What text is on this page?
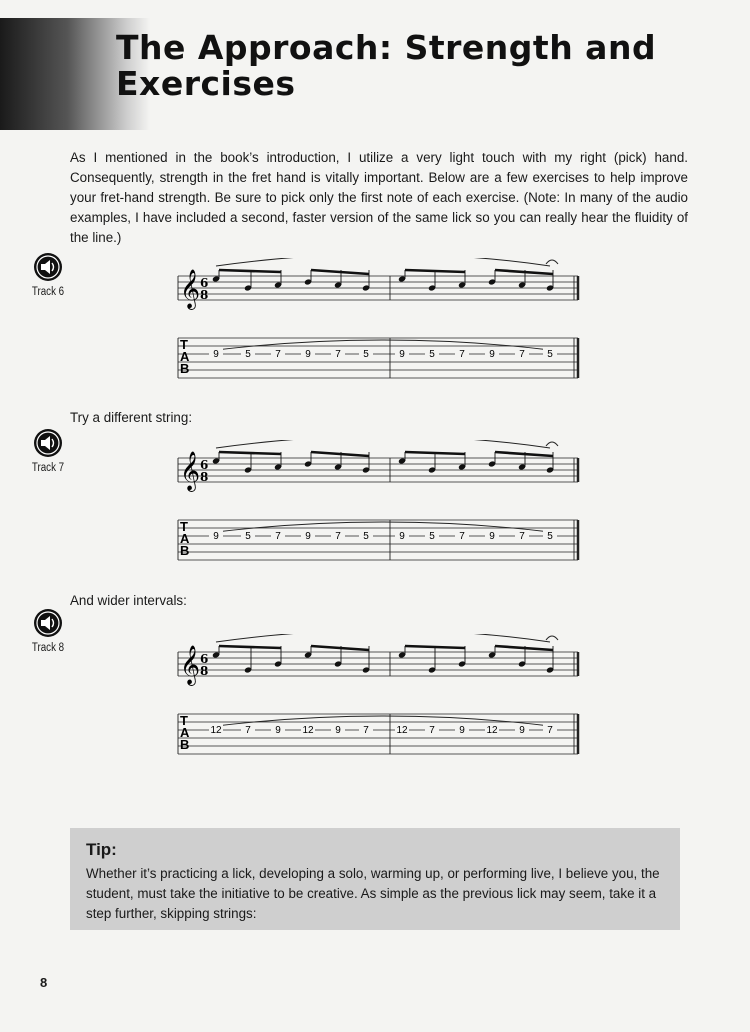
The Approach: Strength and Exercises
As I mentioned in the book’s introduction, I utilize a very light touch with my right (pick) hand. Consequently, strength in the fret hand is vitally important. Below are a few exercises to help improve your fret-hand strength. Be sure to pick only the first note of each exercise. (Note: In many of the audio examples, I have included a second, faster version of the same lick so you can really hear the fluidity of the line.)
Track 6	𝄞 6
8
T
A
B
9	5 7 9 7 5	9 5 7 9 7 5
Try a different string:
Track 7	𝄞 6
8
T
A
B
9	5 7 9 7 5	9 5 7 9 7 5
And wider intervals:
Track 8	𝄞 6
8
T
A
B
12 7 9 12 9 7	12 7 9 12 9 7
Tip:
Whether it’s practicing a lick, developing a solo, warming up, or performing live, I believe you, the student, must take the initiative to be creative. As simple as the previous lick may seem, take it a step further, skipping strings:
8
